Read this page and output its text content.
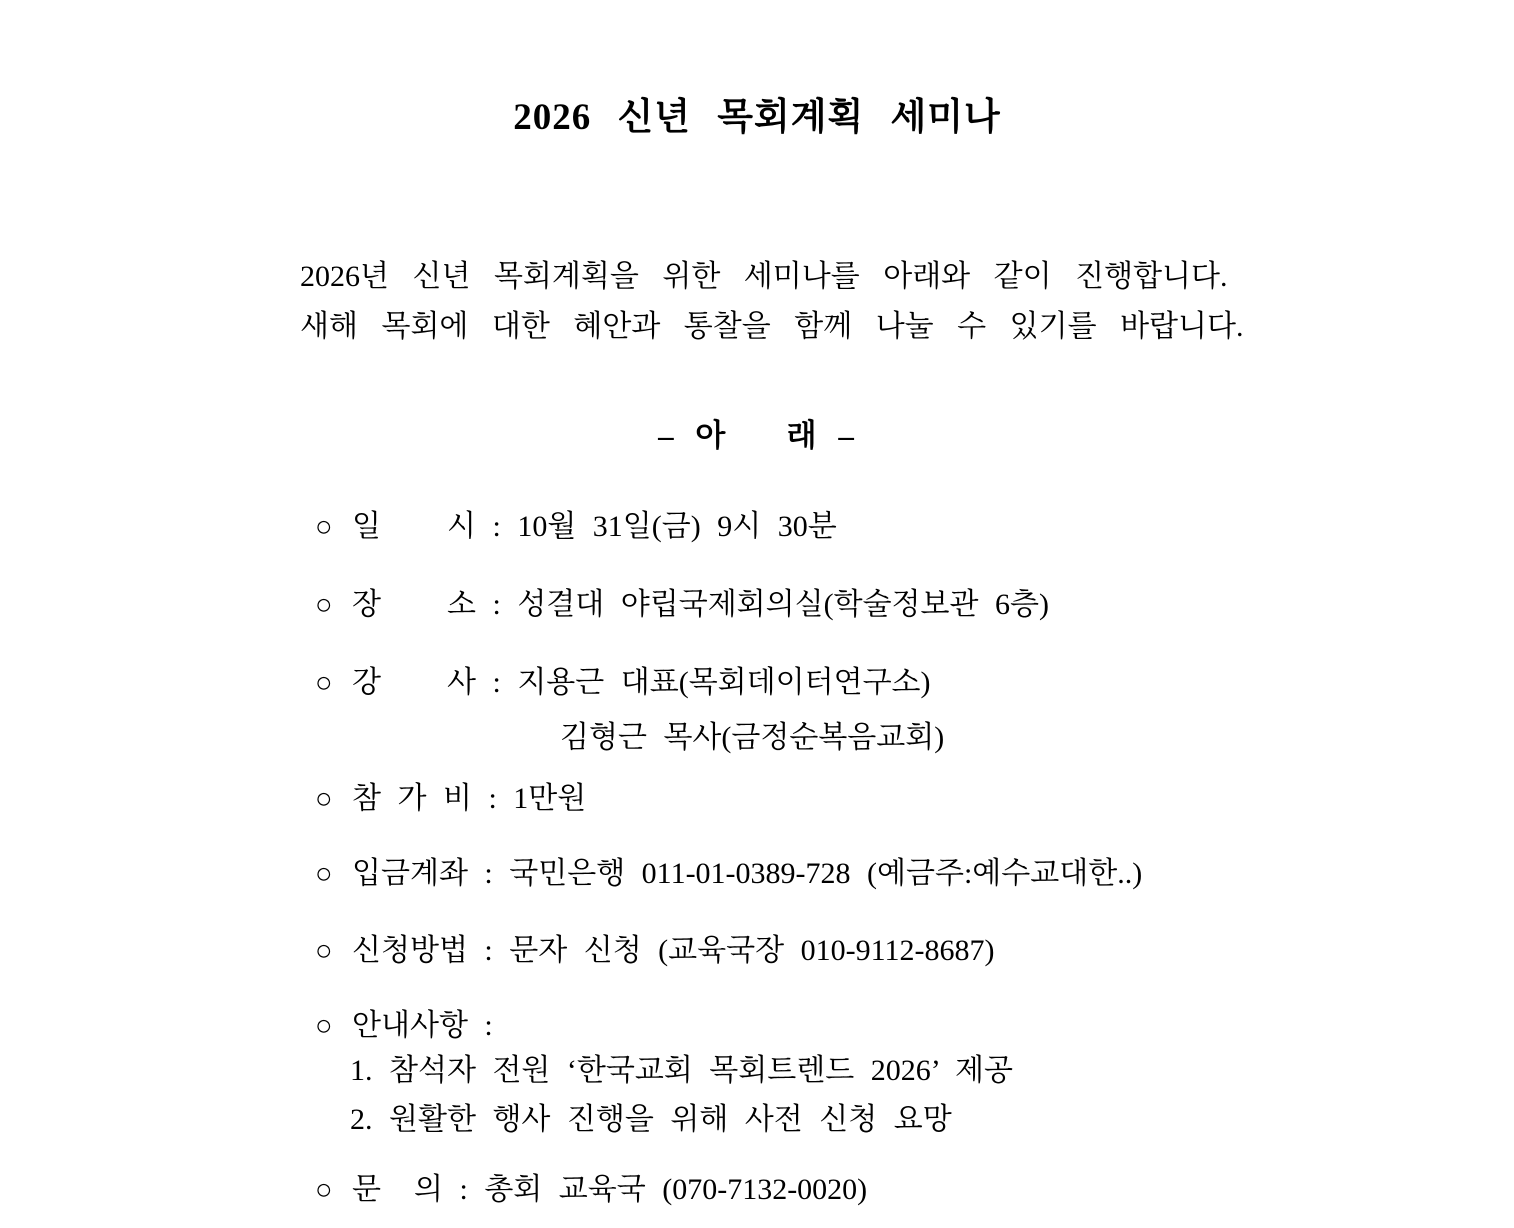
2026 신년 목회계획 세미나

2026년 신년 목회계획을 위한 세미나를 아래와 같이 진행합니다.

새해 목회에 대한 혜안과 통찰을 함께 나눌 수 있기를 바랍니다.

– 아   래 –
○ 일    시 : 10월 31일(금) 9시 30분
○ 장    소 : 성결대 야립국제회의실(학술정보관 6층)
○ 강    사 : 지용근 대표(목회데이터연구소)
김형근 목사(금정순복음교회)
○ 참 가 비 : 1만원
○ 입금계좌 : 국민은행 011-01-0389-728 (예금주:예수교대한..)
○ 신청방법 : 문자 신청 (교육국장 010-9112-8687)
○ 안내사항 :
1. 참석자 전원 ‘한국교회 목회트렌드 2026’ 제공
2. 원활한 행사 진행을 위해 사전 신청 요망
○ 문  의 : 총회 교육국 (070-7132-0020)
